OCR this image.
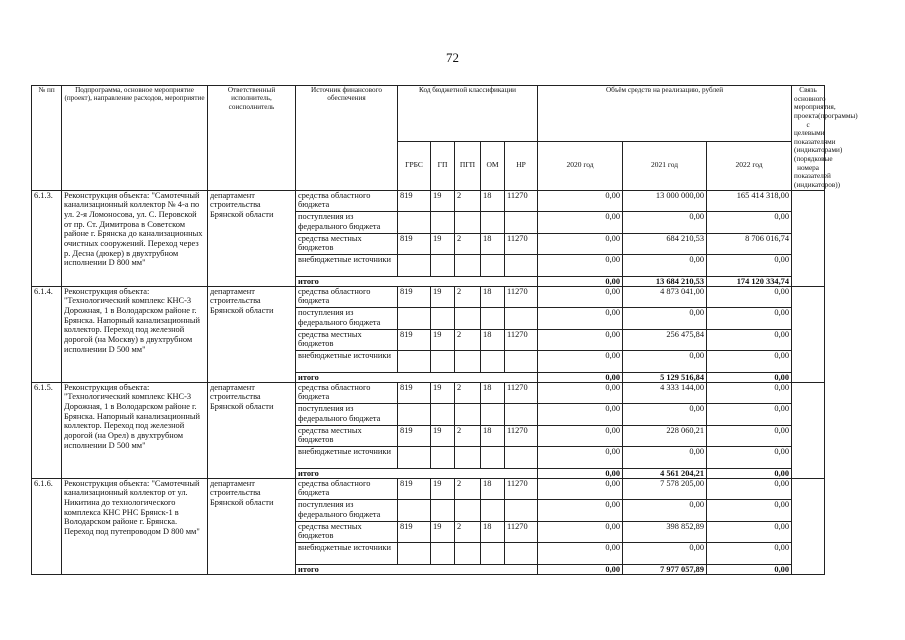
72
№ пп	Подпрограмма, основное мероприятие (проект), направление расходов, мероприятие	Ответственный исполнитель, соисполнитель	Источник финансового обеспечения	Код бюджетной классификации					Объём средств на реализацию, рублей			Связь основного мероприятия, проекта(программы) с целевыми показателями (индикаторами) (порядковые номера показателей (индикаторов))
				ГРБС	ГП	ПГП	ОМ	НР	2020 год	2021 год	2022 год	
6.1.3.	Реконструкция объекта: "Самотечный канализационный коллектор № 4-а по ул. 2-я Ломоносова, ул. С. Перовской от пр. Ст. Димитрова в Советском районе г. Брянска до канализационных очистных сооружений. Переход через р. Десна (дюкер) в двухтрубном исполнении D 800 мм"	департамент строительства Брянской области	средства областного бюджета	819	19	2	18	11270	0,00	13 000 000,00	165 414 318,00	
			поступления из федерального бюджета						0,00	0,00	0,00	
			средства местных бюджетов	819	19	2	18	11270	0,00	684 210,53	8 706 016,74	
			внебюджетные источники						0,00	0,00	0,00	
			итого						0,00	13 684 210,53	174 120 334,74	
6.1.4.	Реконструкция объекта: "Технологический комплекс КНС-3 Дорожная, 1 в Володарском районе г. Брянска. Напорный канализационный коллектор. Переход под железной дорогой (на Москву) в двухтрубном исполнении D 500 мм"	департамент строительства Брянской области	средства областного бюджета	819	19	2	18	11270	0,00	4 873 041,00	0,00	
			поступления из федерального бюджета						0,00	0,00	0,00	
			средства местных бюджетов	819	19	2	18	11270	0,00	256 475,84	0,00	
			внебюджетные источники						0,00	0,00	0,00	
			итого						0,00	5 129 516,84	0,00	
6.1.5.	Реконструкция объекта: "Технологический комплекс КНС-3 Дорожная, 1 в Володарском районе г. Брянска. Напорный канализационный коллектор. Переход под железной дорогой (на Орел) в двухтрубном исполнении D 500 мм"	департамент строительства Брянской области	средства областного бюджета	819	19	2	18	11270	0,00	4 333 144,00	0,00	
			поступления из федерального бюджета						0,00	0,00	0,00	
			средства местных бюджетов	819	19	2	18	11270	0,00	228 060,21	0,00	
			внебюджетные источники						0,00	0,00	0,00	
			итого						0,00	4 561 204,21	0,00	
6.1.6.	Реконструкция объекта: "Самотечный канализационный коллектор от ул. Никитина до технологического комплекса КНС РНС Брянск-1 в Володарском районе г. Брянска. Переход под путепроводом D 800 мм"	департамент строительства Брянской области	средства областного бюджета	819	19	2	18	11270	0,00	7 578 205,00	0,00	
			поступления из федерального бюджета						0,00	0,00	0,00	
			средства местных бюджетов	819	19	2	18	11270	0,00	398 852,89	0,00	
			внебюджетные источники						0,00	0,00	0,00	
			итого						0,00	7 977 057,89	0,00	
